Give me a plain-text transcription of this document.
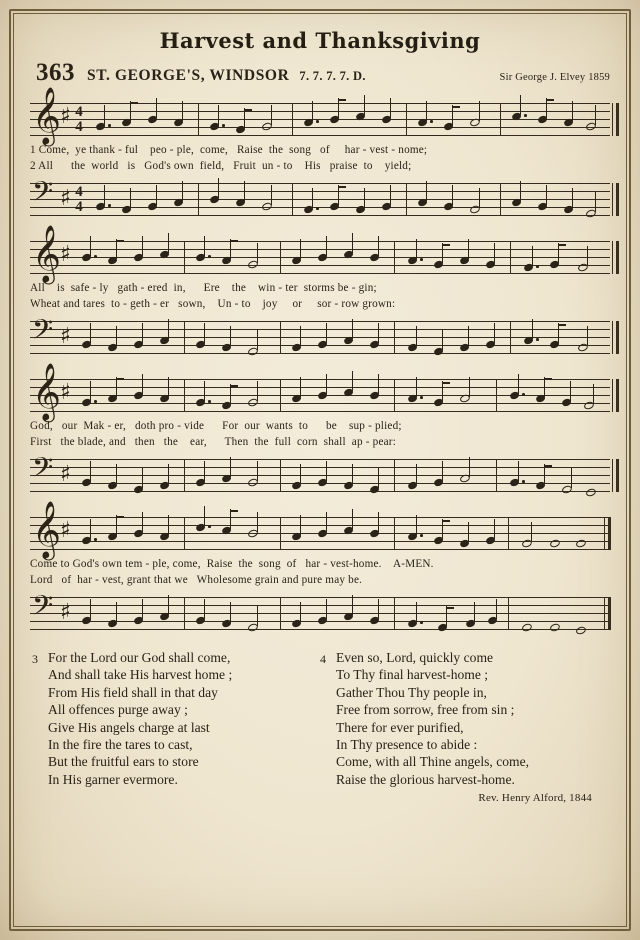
Harvest and Thanksgiving
363 ST. GEORGE'S, WINDSOR 7. 7. 7. 7. D.	Sir George J. Elvey 1859
𝄞 ♯ 4
4
1 Come,  ye thank - ful    peo - ple,  come,   Raise  the  song   of     har - vest - nome;
2 All      the  world   is   God's own  field,   Fruit  un - to    His   praise  to    yield;
𝄢 ♯ 4
4
𝄞 ♯
All    is  safe - ly   gath - ered  in,      Ere    the    win - ter  storms be - gin;
Wheat and tares  to - geth - er   sown,    Un - to    joy     or     sor - row grown:
𝄢 ♯
𝄞 ♯
God,   our  Mak - er,   doth pro - vide      For  our  wants  to      be    sup - plied;
First   the blade, and   then   the    ear,      Then  the  full  corn  shall  ap - pear:
𝄢 ♯
𝄞 ♯
Come to God's own tem - ple, come,  Raise  the  song  of   har - vest-home.    A-MEN.
Lord   of  har - vest, grant that we   Wholesome grain and pure may be.
𝄢 ♯
3 For the Lord our God shall come,
And shall take His harvest home ;
From His field shall in that day
All offences purge away ;
Give His angels charge at last
In the fire the tares to cast,
But the fruitful ears to store
In His garner evermore.
4 Even so, Lord, quickly come
To Thy final harvest-home ;
Gather Thou Thy people in,
Free from sorrow, free from sin ;
There for ever purified,
In Thy presence to abide :
Come, with all Thine angels, come,
Raise the glorious harvest-home.
Rev. Henry Alford, 1844
